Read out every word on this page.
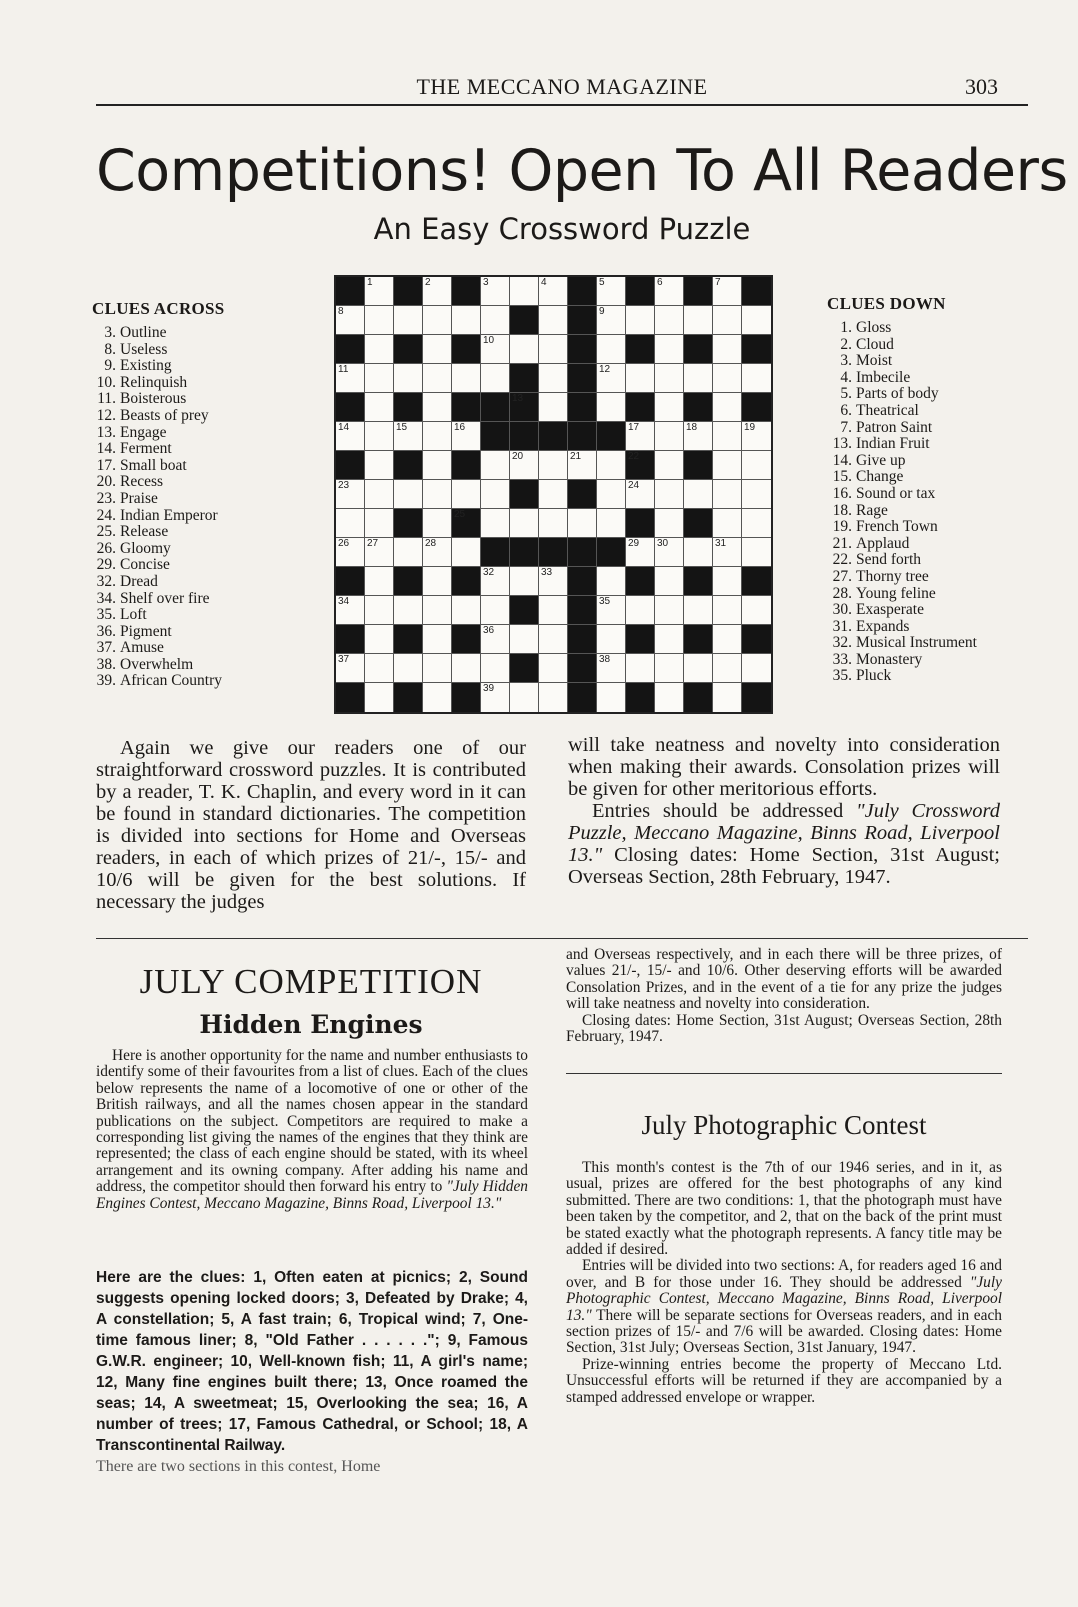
THE MECCANO MAGAZINE	303
Competitions! Open To All Readers
An Easy Crossword Puzzle
CLUES ACROSS
3. Outline
8. Useless
9. Existing
10. Relinquish
11. Boisterous
12. Beasts of prey
13. Engage
14. Ferment
17. Small boat
20. Recess
23. Praise
24. Indian Emperor
25. Release
26. Gloomy
29. Concise
32. Dread
34. Shelf over fire
35. Loft
36. Pigment
37. Amuse
38. Overwhelm
39. African Country
1	2	3	4	5	6	7
8	9
10
11	12
13
14	15	16	17	18	19
20	21	22
23	24
25
26 27	28	29 30	31
32	33
34	35
36
37	38
39
CLUES DOWN
1. Gloss
2. Cloud
3. Moist
4. Imbecile
5. Parts of body
6. Theatrical
7. Patron Saint
13. Indian Fruit
14. Give up
15. Change
16. Sound or tax
18. Rage
19. French Town
21. Applaud
22. Send forth
27. Thorny tree
28. Young feline
30. Exasperate
31. Expands
32. Musical Instrument
33. Monastery
35. Pluck

Again we give our readers one of our straightforward crossword puzzles. It is contributed by a reader, T. K. Chaplin, and every word in it can be found in standard dictionaries. The competition is divided into sections for Home and Overseas readers, in each of which prizes of 21/-, 15/- and 10/6 will be given for the best solutions. If necessary the judges

will take neatness and novelty into consideration when making their awards. Consolation prizes will be given for other meritorious efforts.

Entries should be addressed "July Crossword Puzzle, Meccano Magazine, Binns Road, Liverpool 13." Closing dates: Home Section, 31st August; Overseas Section, 28th February, 1947.

JULY COMPETITION
Hidden Engines
Here is another opportunity for the name and number enthusiasts to identify some of their favourites from a list of clues. Each of the clues below represents the name of a locomotive of one or other of the British railways, and all the names chosen appear in the standard publications on the subject. Competitors are required to make a corresponding list giving the names of the engines that they think are represented; the class of each engine should be stated, with its wheel arrangement and its owning company. After adding his name and address, the competitor should then forward his entry to "July Hidden Engines Contest, Meccano Magazine, Binns Road, Liverpool 13."
Here are the clues: 1, Often eaten at picnics; 2, Sound suggests opening locked doors; 3, Defeated by Drake; 4, A constellation; 5, A fast train; 6, Tropical wind; 7, One-time famous liner; 8, "Old Father . . . . . ."; 9, Famous G.W.R. engineer; 10, Well-known fish; 11, A girl's name; 12, Many fine engines built there; 13, Once roamed the seas; 14, A sweetmeat; 15, Overlooking the sea; 16, A number of trees; 17, Famous Cathedral, or School; 18, A Transcontinental Railway.
There are two sections in this contest, Home
and Overseas respectively, and in each there will be three prizes, of values 21/-, 15/- and 10/6. Other deserving efforts will be awarded Consolation Prizes, and in the event of a tie for any prize the judges will take neatness and novelty into consideration.
Closing dates: Home Section, 31st August; Overseas Section, 28th February, 1947.
July Photographic Contest
This month's contest is the 7th of our 1946 series, and in it, as usual, prizes are offered for the best photographs of any kind submitted. There are two conditions: 1, that the photograph must have been taken by the competitor, and 2, that on the back of the print must be stated exactly what the photograph represents. A fancy title may be added if desired.
Entries will be divided into two sections: A, for readers aged 16 and over, and B for those under 16. They should be addressed "July Photographic Contest, Meccano Magazine, Binns Road, Liverpool 13." There will be separate sections for Overseas readers, and in each section prizes of 15/- and 7/6 will be awarded. Closing dates: Home Section, 31st July; Overseas Section, 31st January, 1947.
Prize-winning entries become the property of Meccano Ltd. Unsuccessful efforts will be returned if they are accompanied by a stamped addressed envelope or wrapper.
